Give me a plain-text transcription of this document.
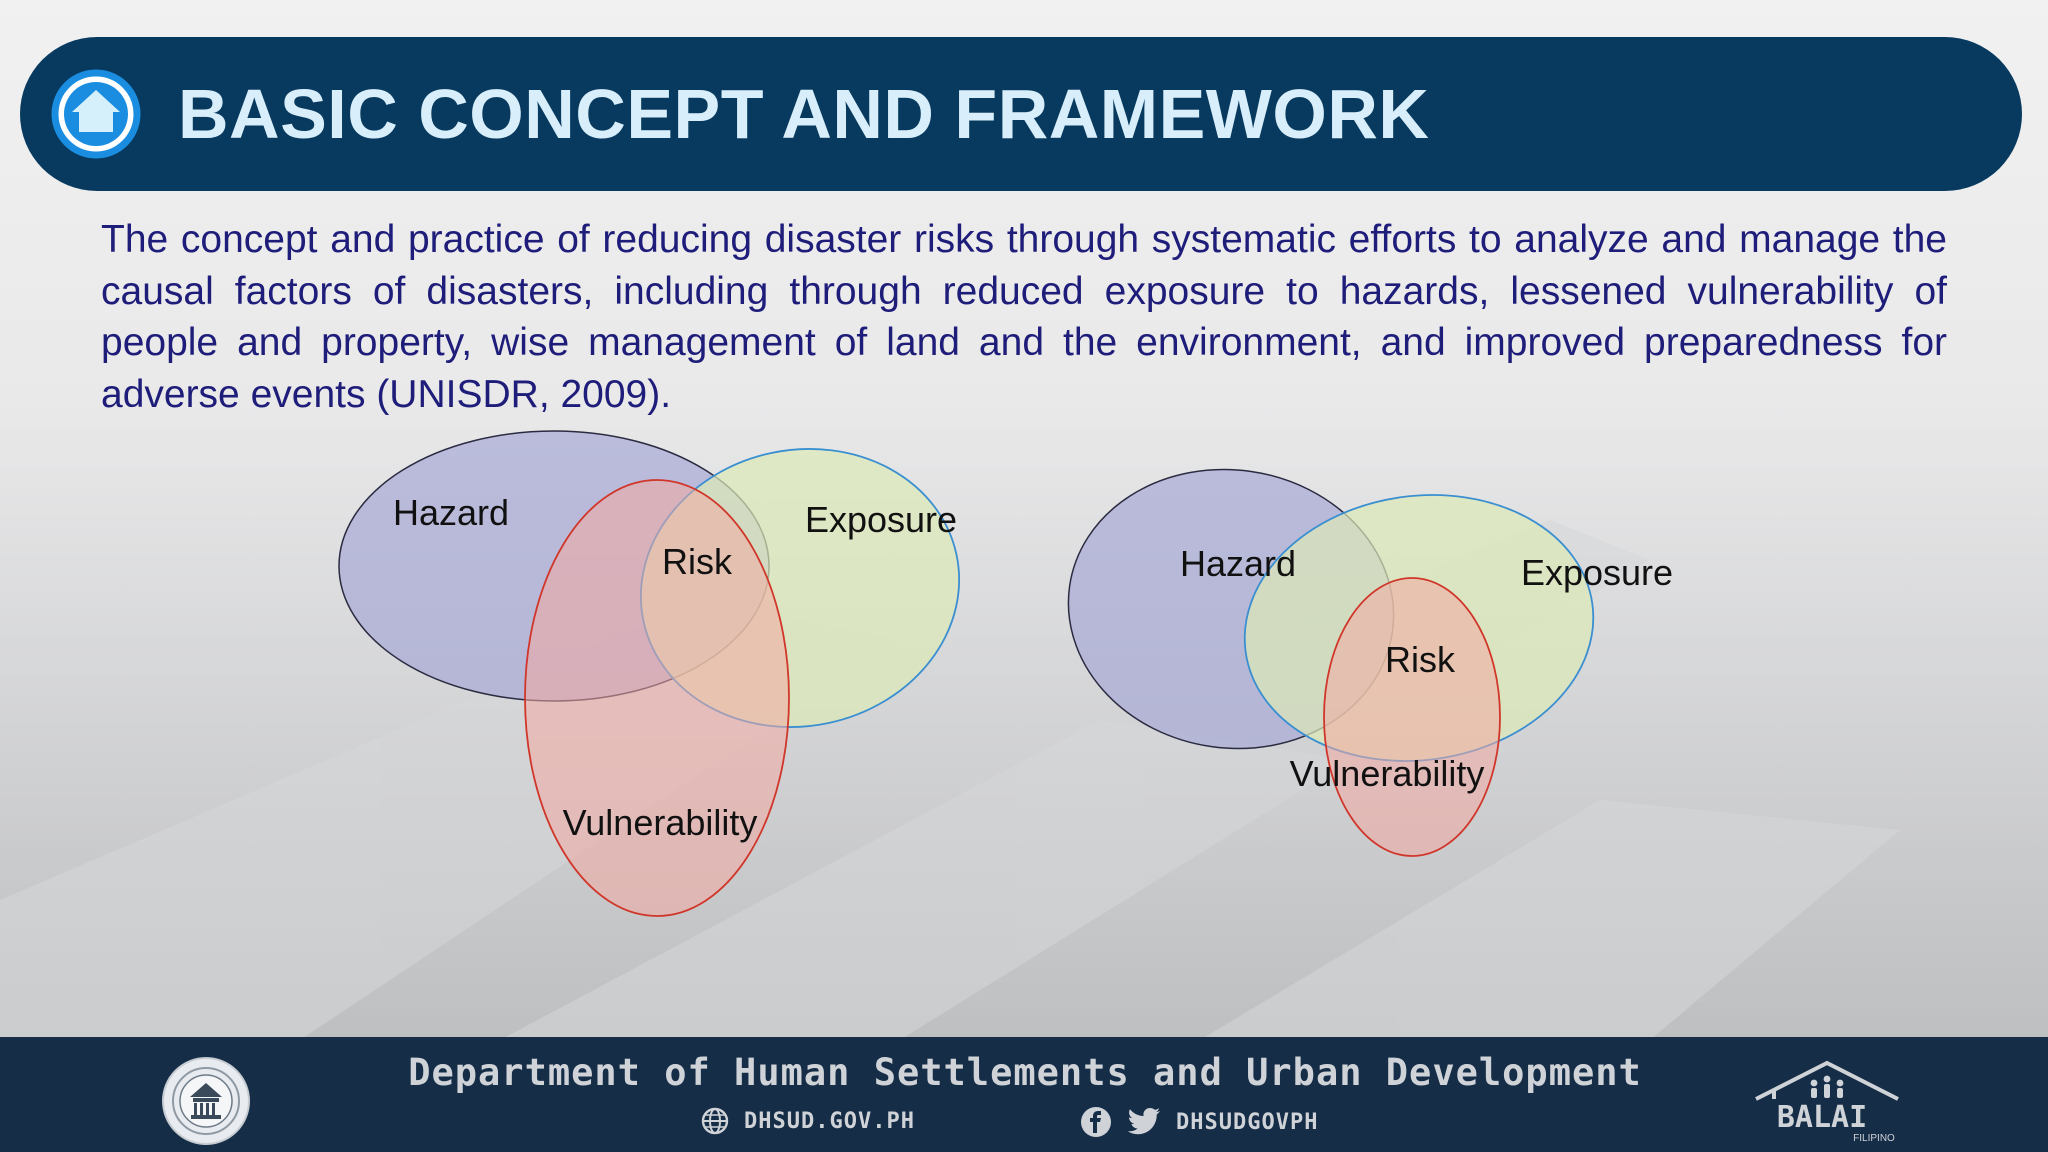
BASIC CONCEPT AND FRAMEWORK

The concept and practice of reducing disaster risks through systematic efforts to analyze and manage the causal factors of disasters, including through reduced exposure to hazards, lessened vulnerability of people and property, wise management of land and the environment, and improved preparedness for adverse events (UNISDR, 2009).

Hazard	Exposure
Risk
Vulnerability
Hazard	Exposure
Risk
Vulnerability
Department of Human Settlements and Urban Development
DHSUD.GOV.PH	DHSUDGOVPH	BALAI
FILIPINO
